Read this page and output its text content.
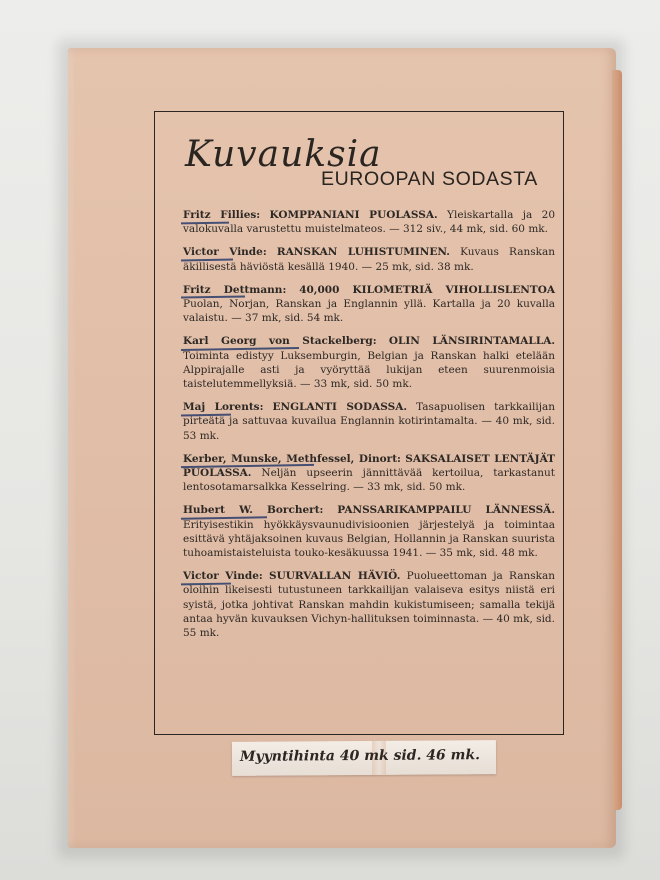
Kuvauksia
EUROOPAN SODASTA
Fritz Fillies: KOMPPANIANI PUOLASSA. Yleiskartalla ja 20 valokuvalla varustettu muistelmateos. — 312 siv., 44 mk, sid. 60 mk.
Victor Vinde: RANSKAN LUHISTUMINEN. Kuvaus Ranskan äkillisestä häviöstä kesällä 1940. — 25 mk, sid. 38 mk.
Fritz Dettmann: 40,000 KILOMETRIÄ VIHOLLISLENTOA Puolan, Norjan, Ranskan ja Englannin yllä. Kartalla ja 20 kuvalla valaistu. — 37 mk, sid. 54 mk.
Karl Georg von Stackelberg: OLIN LÄNSIRINTAMALLA. Toiminta edistyy Luksemburgin, Belgian ja Ranskan halki etelään Alppirajalle asti ja vyöryttää lukijan eteen suurenmoisia taistelutemmellyksiä. — 33 mk, sid. 50 mk.
Maj Lorents: ENGLANTI SODASSA. Tasapuolisen tarkkailijan pirteätä ja sattuvaa kuvailua Englannin kotirintamalta. — 40 mk, sid. 53 mk.
Kerber, Munske, Methfessel, Dinort: SAKSALAISET LENTÄJÄT PUOLASSA. Neljän upseerin jännittävää kertoilua, tarkastanut lentosotamarsalkka Kesselring. — 33 mk, sid. 50 mk.
Hubert W. Borchert: PANSSARIKAMPPAILU LÄNNESSÄ. Erityisestikin hyökkäysvaunudivisioonien järjestelyä ja toimintaa esittävä yhtäjaksoinen kuvaus Belgian, Hollannin ja Ranskan suurista tuhoamistaisteluista touko-kesäkuussa 1941. — 35 mk, sid. 48 mk.
Victor Vinde: SUURVALLAN HÄVIÖ. Puolueettoman ja Ranskan oloihin likeisesti tutustuneen tarkkailijan valaiseva esitys niistä eri syistä, jotka johtivat Ranskan mahdin kukistumiseen; samalla tekijä antaa hyvän kuvauksen Vichyn-hallituksen toiminnasta. — 40 mk, sid. 55 mk.
Myyntihinta 40 mk sid. 46 mk.
